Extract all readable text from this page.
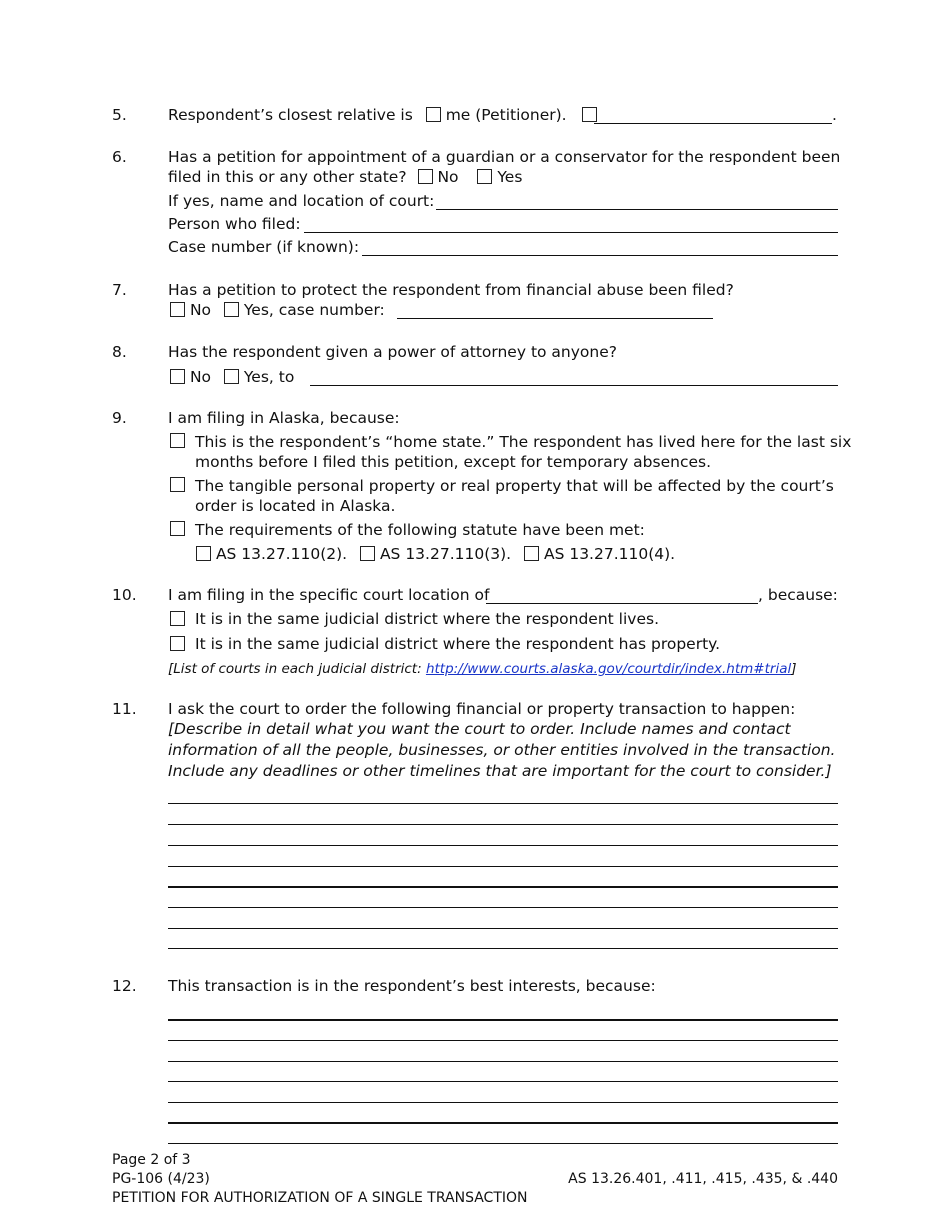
5.	Respondent’s closest relative is me (Petitioner).	.
6.	Has a petition for appointment of a guardian or a conservator for the respondent been
filed in this or any other state? No	Yes
If yes, name and location of court:
Person who filed:
Case number (if known):
7.	Has a petition to protect the respondent from financial abuse been filed?
No Yes, case number:
8.	Has the respondent given a power of attorney to anyone?
No Yes, to
9.	I am filing in Alaska, because:
This is the respondent’s “home state.” The respondent has lived here for the last six
months before I filed this petition, except for temporary absences.
The tangible personal property or real property that will be affected by the court’s
order is located in Alaska.
The requirements of the following statute have been met:
AS 13.27.110(2). AS 13.27.110(3). AS 13.27.110(4).
10. I am filing in the specific court location of	, because:
It is in the same judicial district where the respondent lives.
It is in the same judicial district where the respondent has property.
[List of courts in each judicial district: http://www.courts.alaska.gov/courtdir/index.htm#trial]
11. I ask the court to order the following financial or property transaction to happen:
[Describe in detail what you want the court to order. Include names and contact
information of all the people, businesses, or other entities involved in the transaction.
Include any deadlines or other timelines that are important for the court to consider.]
12. This transaction is in the respondent’s best interests, because:
Page 2 of 3
PG-106 (4/23)
PETITION FOR AUTHORIZATION OF A SINGLE TRANSACTION
AS 13.26.401, .411, .415, .435, & .440
